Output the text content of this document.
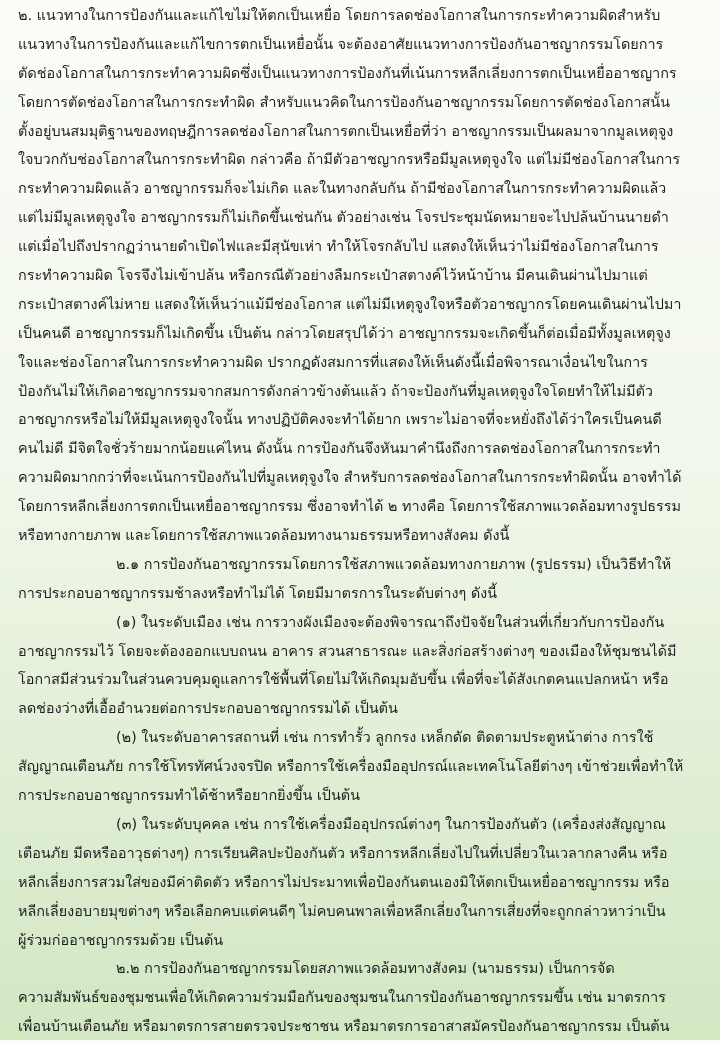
๒. แนวทางในการป้องกันและแก้ไขไม่ให้ตกเป็นเหยื่อ โดยการลดช่องโอกาสในการกระทำความผิดสำหรับ
แนวทางในการป้องกันและแก้ไขการตกเป็นเหยื่อนั้น จะต้องอาศัยแนวทางการป้องกันอาชญากรรมโดยการ
ตัดช่องโอกาสในการกระทำความผิดซึ่งเป็นแนวทางการป้องกันที่เน้นการหลีกเลี่ยงการตกเป็นเหยื่ออาชญากร
โดยการตัดช่องโอกาสในการกระทำผิด สำหรับแนวคิดในการป้องกันอาชญากรรมโดยการตัดช่องโอกาสนั้น
ตั้งอยู่บนสมมุติฐานของทฤษฎีการลดช่องโอกาสในการตกเป็นเหยื่อที่ว่า อาชญากรรมเป็นผลมาจากมูลเหตุจูง
ใจบวกกับช่องโอกาสในการกระทำผิด กล่าวคือ ถ้ามีตัวอาชญากรหรือมีมูลเหตุจูงใจ แต่ไม่มีช่องโอกาสในการ
กระทำความผิดแล้ว อาชญากรรมก็จะไม่เกิด และในทางกลับกัน ถ้ามีช่องโอกาสในการกระทำความผิดแล้ว
แต่ไม่มีมูลเหตุจูงใจ อาชญากรรมก็ไม่เกิดขึ้นเช่นกัน ตัวอย่างเช่น โจรประชุมนัดหมายจะไปปล้นบ้านนายดำ
แต่เมื่อไปถึงปรากฏว่านายดำเปิดไฟและมีสุนัขเห่า ทำให้โจรกลับไป แสดงให้เห็นว่าไม่มีช่องโอกาสในการ
กระทำความผิด โจรจึงไม่เข้าปล้น หรือกรณีตัวอย่างลืมกระเป๋าสตางค์ไว้หน้าบ้าน มีคนเดินผ่านไปมาแต่
กระเป๋าสตางค์ไม่หาย แสดงให้เห็นว่าแม้มีช่องโอกาส แต่ไม่มีเหตุจูงใจหรือตัวอาชญากรโดยคนเดินผ่านไปมา
เป็นคนดี อาชญากรรมก็ไม่เกิดขึ้น เป็นต้น กล่าวโดยสรุปได้ว่า อาชญากรรมจะเกิดขึ้นก็ต่อเมื่อมีทั้งมูลเหตุจูง
ใจและช่องโอกาสในการกระทำความผิด ปรากฏดังสมการที่แสดงให้เห็นดังนี้เมื่อพิจารณาเงื่อนไขในการ
ป้องกันไม่ให้เกิดอาชญากรรมจากสมการดังกล่าวข้างต้นแล้ว ถ้าจะป้องกันที่มูลเหตุจูงใจโดยทำให้ไม่มีตัว
อาชญากรหรือไม่ให้มีมูลเหตุจูงใจนั้น ทางปฏิบัติคงจะทำได้ยาก เพราะไม่อาจที่จะหยั่งถึงได้ว่าใครเป็นคนดี
คนไม่ดี มีจิตใจชั่วร้ายมากน้อยแค่ไหน ดังนั้น การป้องกันจึงหันมาคำนึงถึงการลดช่องโอกาสในการกระทำ
ความผิดมากกว่าที่จะเน้นการป้องกันไปที่มูลเหตุจูงใจ สำหรับการลดช่องโอกาสในการกระทำผิดนั้น อาจทำได้
โดยการหลีกเลี่ยงการตกเป็นเหยื่ออาชญากรรม ซึ่งอาจทำได้ ๒ ทางคือ โดยการใช้สภาพแวดล้อมทางรูปธรรม
หรือทางกายภาพ และโดยการใช้สภาพแวดล้อมทางนามธรรมหรือทางสังคม ดังนี้
๒.๑ การป้องกันอาชญากรรมโดยการใช้สภาพแวดล้อมทางกายภาพ (รูปธรรม) เป็นวิธีทำให้
การประกอบอาชญากรรมช้าลงหรือทำไม่ได้ โดยมีมาตรการในระดับต่างๆ ดังนี้
(๑) ในระดับเมือง เช่น การวางผังเมืองจะต้องพิจารณาถึงปัจจัยในส่วนที่เกี่ยวกับการป้องกัน
อาชญากรรมไว้ โดยจะต้องออกแบบถนน อาคาร สวนสาธารณะ และสิ่งก่อสร้างต่างๆ ของเมืองให้ชุมชนได้มี
โอกาสมีส่วนร่วมในส่วนควบคุมดูแลการใช้พื้นที่โดยไม่ให้เกิดมุมอับขึ้น เพื่อที่จะได้สังเกตคนแปลกหน้า หรือ
ลดช่องว่างที่เอื้ออำนวยต่อการประกอบอาชญากรรมได้ เป็นต้น
(๒) ในระดับอาคารสถานที่ เช่น การทำรั้ว ลูกกรง เหล็กดัด ติดตามประตูหน้าต่าง การใช้
สัญญาณเตือนภัย การใช้โทรทัศน์วงจรปิด หรือการใช้เครื่องมืออุปกรณ์และเทคโนโลยีต่างๆ เข้าช่วยเพื่อทำให้
การประกอบอาชญากรรมทำได้ช้าหรือยากยิ่งขึ้น เป็นต้น
(๓) ในระดับบุคคล เช่น การใช้เครื่องมืออุปกรณ์ต่างๆ ในการป้องกันตัว (เครื่องส่งสัญญาณ
เตือนภัย มีดหรืออาวุธต่างๆ) การเรียนศิลปะป้องกันตัว หรือการหลีกเลี่ยงไปในที่เปลี่ยวในเวลากลางคืน หรือ
หลีกเลี่ยงการสวมใส่ของมีค่าติดตัว หรือการไม่ประมาทเพื่อป้องกันตนเองมิให้ตกเป็นเหยื่ออาชญากรรม หรือ
หลีกเลี่ยงอบายมุขต่างๆ หรือเลือกคบแต่คนดีๆ ไม่คบคนพาลเพื่อหลีกเลี่ยงในการเสี่ยงที่จะถูกกล่าวหาว่าเป็น
ผู้ร่วมก่ออาชญากรรมด้วย เป็นต้น
๒.๒ การป้องกันอาชญากรรมโดยสภาพแวดล้อมทางสังคม (นามธรรม) เป็นการจัด
ความสัมพันธ์ของชุมชนเพื่อให้เกิดความร่วมมือกันของชุมชนในการป้องกันอาชญากรรมขึ้น เช่น มาตรการ
เพื่อนบ้านเตือนภัย หรือมาตรการสายตรวจประชาชน หรือมาตรการอาสาสมัครป้องกันอาชญากรรม เป็นต้น
